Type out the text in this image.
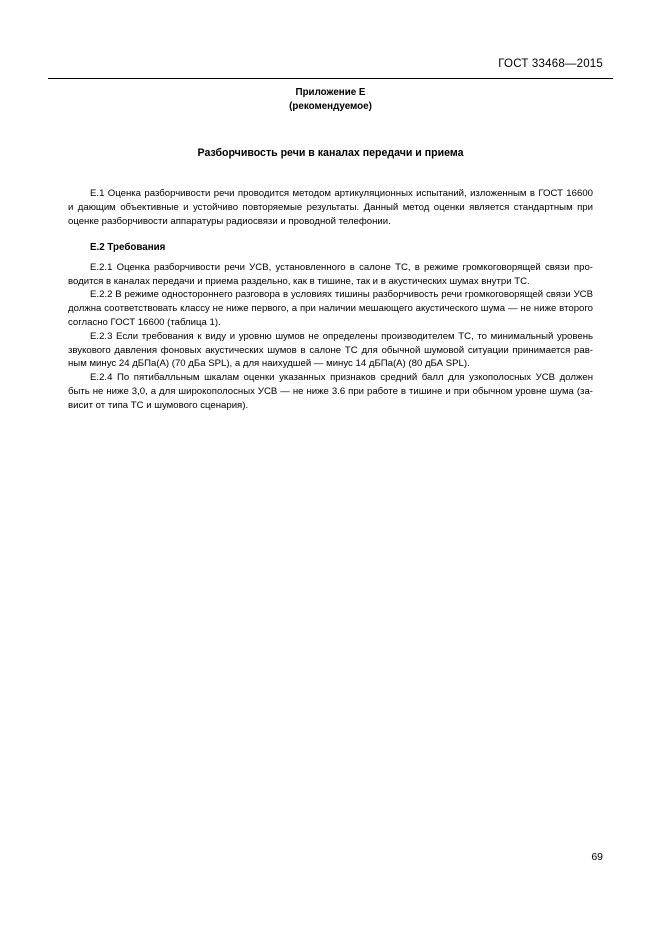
ГОСТ 33468—2015
Приложение Е
(рекомендуемое)
Разборчивость речи в каналах передачи и приема

Е.1 Оценка разборчивости речи проводится методом артикуляционных испытаний, изложенным в ГОСТ 16600 и дающим объективные и устойчиво повторяемые результаты. Данный метод оценки является стандартным при оценке разборчивости аппаратуры радиосвязи и проводной телефонии.

Е.2 Требования

Е.2.1 Оценка разборчивости речи УСВ, установленного в салоне ТС, в режиме громкоговорящей связи проводится в каналах передачи и приема раздельно, как в тишине, так и в акустических шумах внутри ТС.

Е.2.2 В режиме одностороннего разговора в условиях тишины разборчивость речи громкоговорящей связи УСВ должна соответствовать классу не ниже первого, а при наличии мешающего акустического шума — не ниже второго согласно ГОСТ 16600 (таблица 1).

Е.2.3 Если требования к виду и уровню шумов не определены производителем ТС, то минимальный уровень звукового давления фоновых акустических шумов в салоне ТС для обычной шумовой ситуации принимается равным минус 24 дБПа(А) (70 дБа SPL), а для наихудшей — минус 14 дБПа(А) (80 дБА SPL).

Е.2.4 По пятибалльным шкалам оценки указанных признаков средний балл для узкополосных УСВ должен быть не ниже 3,0, а для широкополосных УСВ — не ниже 3.6 при работе в тишине и при обычном уровне шума (зависит от типа ТС и шумового сценария).

69
